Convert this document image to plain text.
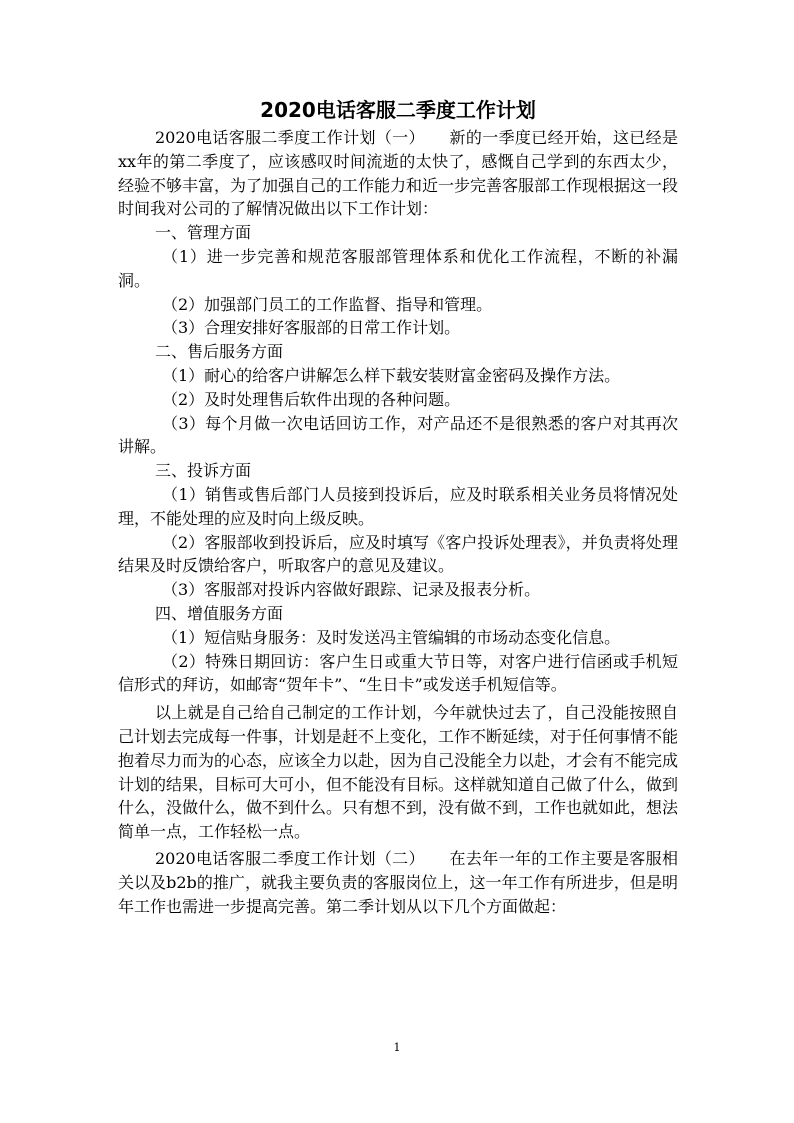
2020电话客服二季度工作计划

2020电话客服二季度工作计划（一）　　新的一季度已经开始，这已经是xx年的第二季度了，应该感叹时间流逝的太快了，感慨自己学到的东西太少，经验不够丰富，为了加强自己的工作能力和近一步完善客服部工作现根据这一段时间我对公司的了解情况做出以下工作计划：

一、管理方面

（1）进一步完善和规范客服部管理体系和优化工作流程，不断的补漏洞。

（2）加强部门员工的工作监督、指导和管理。

（3）合理安排好客服部的日常工作计划。

二、售后服务方面

（1）耐心的给客户讲解怎么样下载安装财富金密码及操作方法。

（2）及时处理售后软件出现的各种问题。

（3）每个月做一次电话回访工作，对产品还不是很熟悉的客户对其再次讲解。

三、投诉方面

（1）销售或售后部门人员接到投诉后，应及时联系相关业务员将情况处理，不能处理的应及时向上级反映。

（2）客服部收到投诉后，应及时填写《客户投诉处理表》，并负责将处理结果及时反馈给客户，听取客户的意见及建议。

（3）客服部对投诉内容做好跟踪、记录及报表分析。

四、增值服务方面

（1）短信贴身服务：及时发送冯主管编辑的市场动态变化信息。

（2）特殊日期回访：客户生日或重大节日等，对客户进行信函或手机短信形式的拜访，如邮寄“贺年卡”、“生日卡”或发送手机短信等。

以上就是自己给自己制定的工作计划，今年就快过去了，自己没能按照自己计划去完成每一件事，计划是赶不上变化，工作不断延续，对于任何事情不能抱着尽力而为的心态，应该全力以赴，因为自己没能全力以赴，才会有不能完成计划的结果，目标可大可小，但不能没有目标。这样就知道自己做了什么，做到什么，没做什么，做不到什么。只有想不到，没有做不到，工作也就如此，想法简单一点，工作轻松一点。

2020电话客服二季度工作计划（二）　　在去年一年的工作主要是客服相关以及b2b的推广，就我主要负责的客服岗位上，这一年工作有所进步，但是明年工作也需进一步提高完善。第二季计划从以下几个方面做起：

1
